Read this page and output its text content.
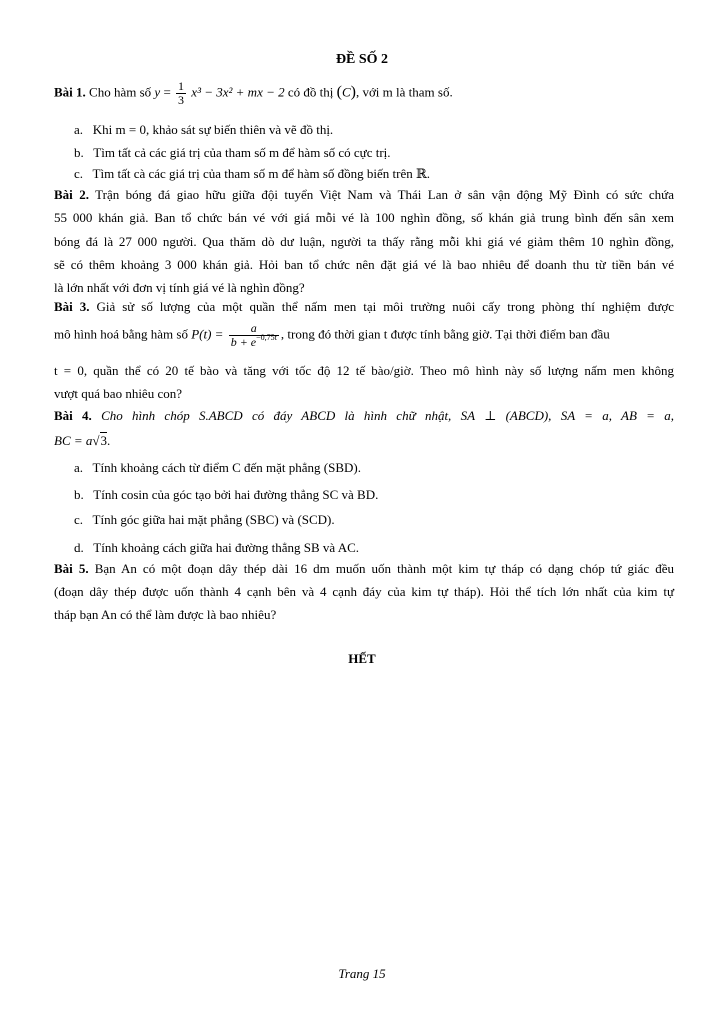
ĐỀ SỐ 2
Bài 1. Cho hàm số $y = \frac{1}{3} x^3 - 3x^2$ + mx − 2 có đồ thị (C), với m là tham số.
a. Khi m = 0, khảo sát sự biến thiên và vẽ đồ thị.
b. Tìm tất cả các giá trị của tham số m để hàm số có cực trị.
c. Tìm tất cà các giá trị của tham số m để hàm số đồng biến trên ℝ.
Bài 2. Trận bóng đá giao hữu giữa đội tuyển Việt Nam và Thái Lan ở sân vận động Mỹ Đình có sức chứa
55 000 khán giả. Ban tổ chức bán vé với giá mỗi vé là 100 nghìn đồng, số khán giả trung bình đến sân xem
bóng đá là 27 000 người. Qua thăm dò dư luận, người ta thấy rằng mỗi khi giá vé giảm thêm 10 nghìn đồng,
sẽ có thêm khoảng 3 000 khán giả. Hỏi ban tổ chức nên đặt giá vé là bao nhiêu để doanh thu từ tiền bán vé
là lớn nhất với đơn vị tính giá vé là nghìn đồng?
Bài 3. Giả sử số lượng của một quần thể nấm men tại môi trường nuôi cấy trong phòng thí nghiệm được
mô hình hoá bằng hàm số $P(t) = \frac{a}{b + e^{-0,75t}}$ , trong đó thời gian t được tính bằng giờ. Tại thời điểm ban đầu
t = 0, quần thể có 20 tế bào và tăng với tốc độ 12 tế bào/giờ. Theo mô hình này số lượng nấm men không
vượt quá bao nhiêu con?
Bài 4. Cho hình chóp S.ABCD có đáy ABCD là hình chữ nhật, SA ⊥ (ABCD), SA = a, AB = a,
BC = a√3.
a. Tính khoảng cách từ điểm C đến mặt phẳng (SBD).
b. Tính cosin của góc tạo bởi hai đường thẳng SC và BD.
c. Tính góc giữa hai mặt phẳng (SBC) và (SCD).
d. Tính khoảng cách giữa hai đường thẳng SB và AC.
Bài 5. Bạn An có một đoạn dây thép dài 16 dm muốn uốn thành một kim tự tháp có dạng chóp tứ giác đều
(đoạn dây thép được uốn thành 4 cạnh bên và 4 cạnh đáy của kim tự tháp). Hỏi thể tích lớn nhất của kim tự
tháp bạn An có thể làm được là bao nhiêu?
HẾT
Trang 15
